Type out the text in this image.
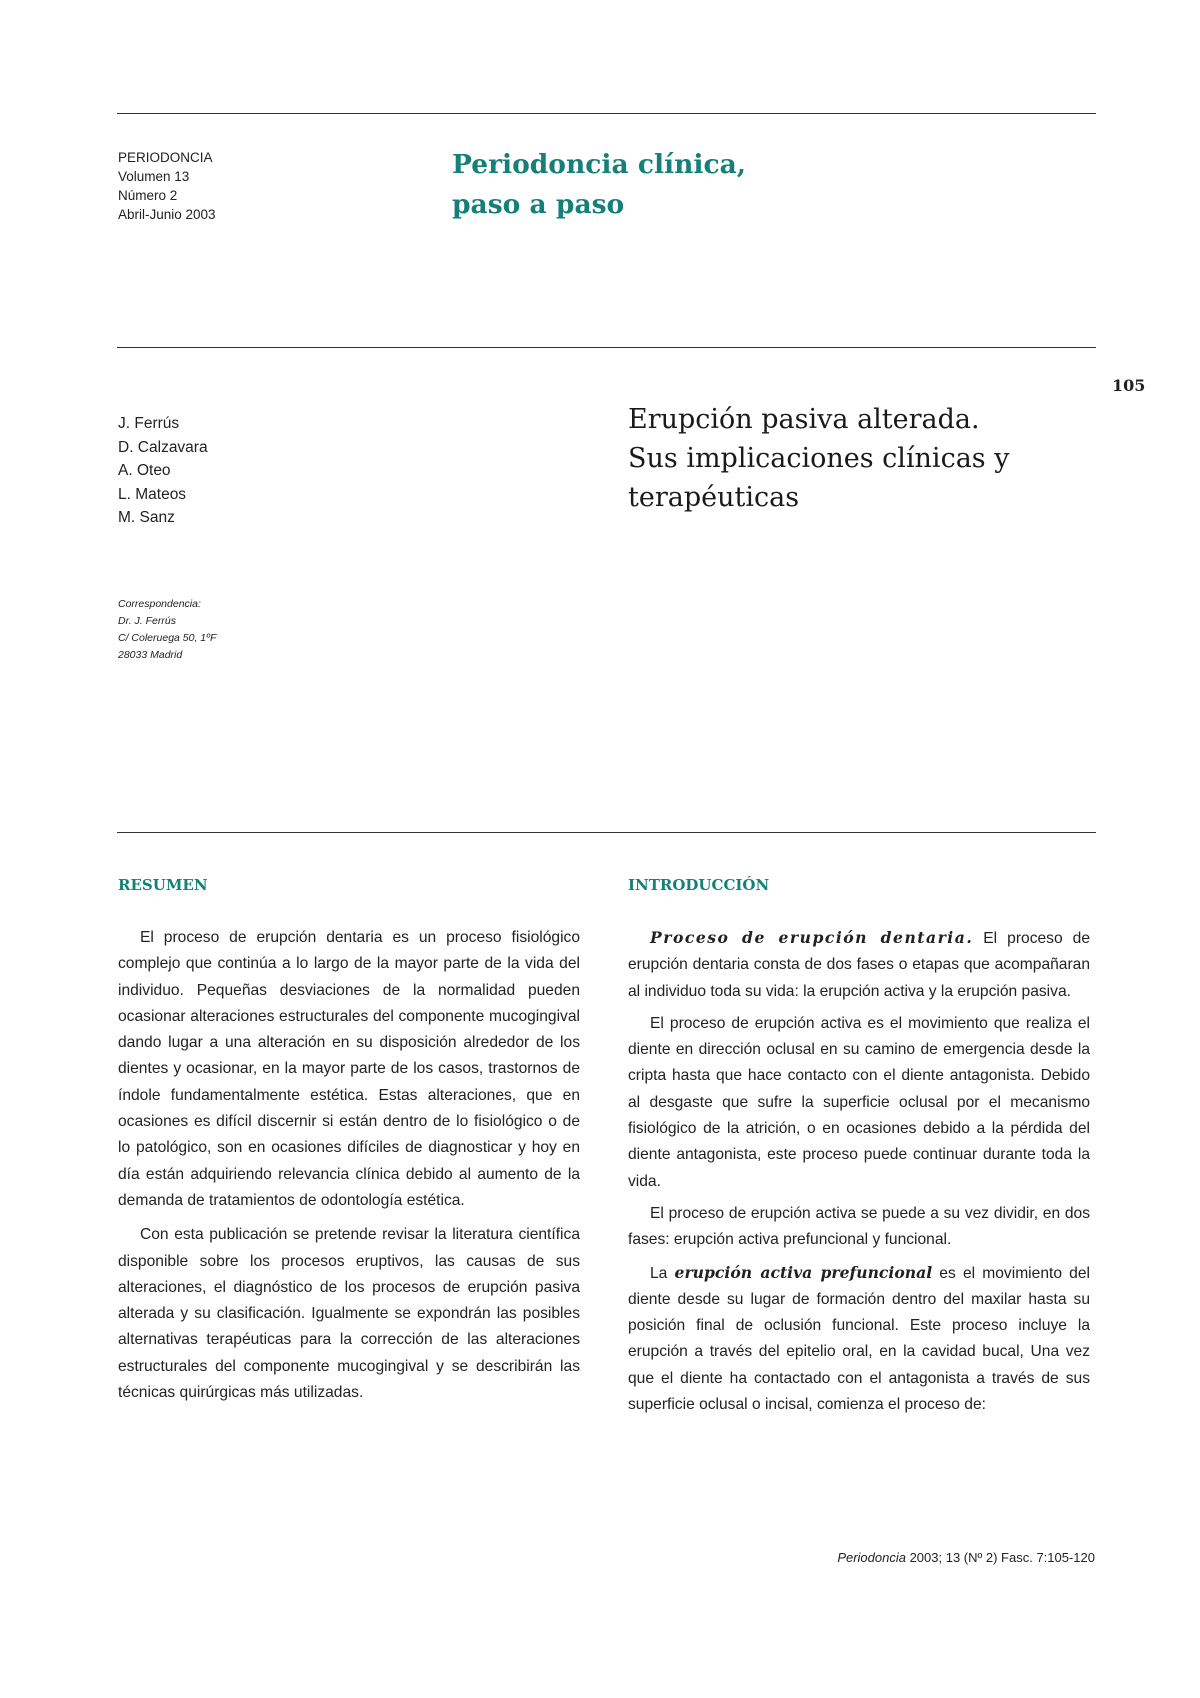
PERIODONCIA
Volumen 13
Número 2
Abril-Junio 2003
Periodoncia clínica,
paso a paso
105
J. Ferrús
D. Calzavara
A. Oteo
L. Mateos
M. Sanz
Correspondencia:
Dr. J. Ferrús
C/ Coleruega 50, 1ºF
28033 Madrid
Erupción pasiva alterada.
Sus implicaciones clínicas y
terapéuticas
RESUMEN	INTRODUCCIÓN

El proceso de erupción dentaria es un proceso fisiológico complejo que continúa a lo largo de la mayor parte de la vida del individuo. Pequeñas desviaciones de la normalidad pueden ocasionar alteraciones estructurales del componente mucogingival dando lugar a una alteración en su disposición alrededor de los dientes y ocasionar, en la mayor parte de los casos, trastornos de índole fundamentalmente estética. Estas alteraciones, que en ocasiones es difícil discernir si están dentro de lo fisiológico o de lo patológico, son en ocasiones difíciles de diagnosticar y hoy en día están adquiriendo relevancia clínica debido al aumento de la demanda de tratamientos de odontología estética.

Con esta publicación se pretende revisar la literatura científica disponible sobre los procesos eruptivos, las causas de sus alteraciones, el diagnóstico de los procesos de erupción pasiva alterada y su clasificación. Igualmente se expondrán las posibles alternativas terapéuticas para la corrección de las alteraciones estructurales del componente mucogingival y se describirán las técnicas quirúrgicas más utilizadas.

Proceso de erupción dentaria. El proceso de erupción dentaria consta de dos fases o etapas que acompañaran al individuo toda su vida: la erupción activa y la erupción pasiva.

El proceso de erupción activa es el movimiento que realiza el diente en dirección oclusal en su camino de emergencia desde la cripta hasta que hace contacto con el diente antagonista. Debido al desgaste que sufre la superficie oclusal por el mecanismo fisiológico de la atrición, o en ocasiones debido a la pérdida del diente antagonista, este proceso puede continuar durante toda la vida.

El proceso de erupción activa se puede a su vez dividir, en dos fases: erupción activa prefuncional y funcional.

La erupción activa prefuncional es el movimiento del diente desde su lugar de formación dentro del maxilar hasta su posición final de oclusión funcional. Este proceso incluye la erupción a través del epitelio oral, en la cavidad bucal, Una vez que el diente ha contactado con el antagonista a través de sus superficie oclusal o incisal, comienza el proceso de:

Periodoncia 2003; 13 (Nº 2) Fasc. 7:105-120
